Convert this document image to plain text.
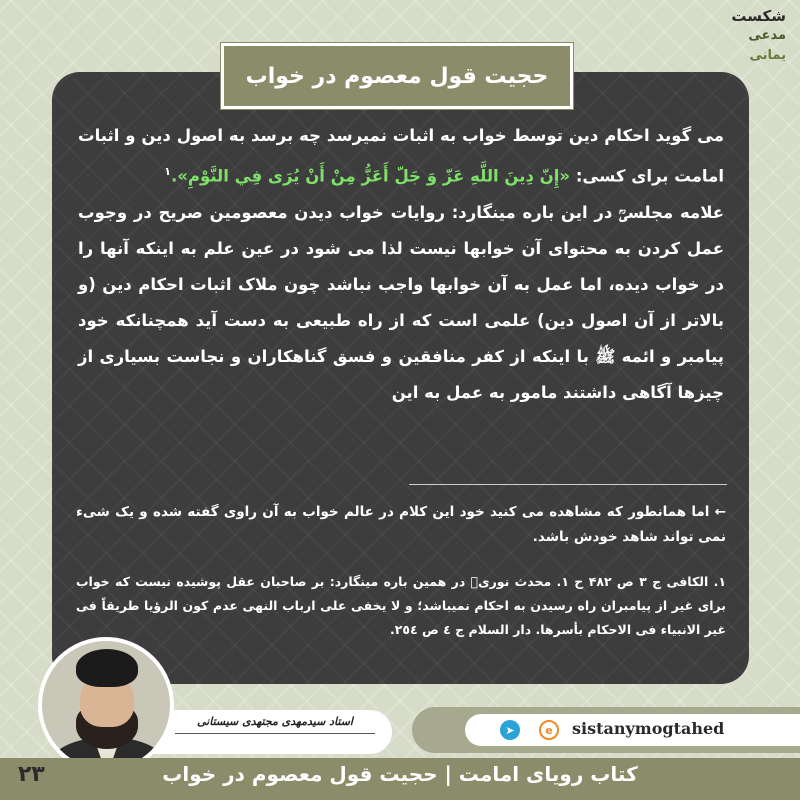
شکست
مدعی
یمانی
حجیت قول معصوم در خواب

می گوید احکام دین توسط خواب به اثبات نمیرسد چه برسد به اصول دین و اثبات امامت برای کسی: «إِنّ دِينَ اللَّهِ عَزّ وَ جَلّ أَعَزُّ مِنْ أَنْ يُرَى فِي النَّوْمِ».$^۱$

علامه مجلسیؒ در این باره مینگارد: روایات خواب دیدن معصومین صریح در وجوب عمل کردن به محتوای آن خوابها نیست لذا می شود در عین علم به اینکه آنها را در خواب دیده، اما عمل به آن خوابها واجب نباشد چون ملاک اثبات احکام دین (و بالاتر از آن اصول دین) علمی است که از راه طبیعی به دست آید همچنانکه خود پیامبر و ائمه ﷺ با اینکه از کفر منافقین و فسق گناهکاران و نجاست بسیاری از چیزها آگاهی داشتند مامور به عمل به این

← اما همانطور که مشاهده می کنید خود این کلام در عالم خواب به آن راوی گفته شده و یک شیء نمی تواند شاهد خودش باشد.
۱. الکافی ج ۳ ص ۴۸۲ ح ۱. محدث نوریؒ در همین باره مینگارد: بر صاحبان عقل پوشیده نیست که خواب برای غیر از پیامبران راه رسیدن به احکام نمیباشد؛ و لا يخفى على ارباب النهى عدم كون الرؤيا طريقاً فى غير الانبياء فى الاحكام بأسرها. دار السلام ج ٤ ص ٢٥٤.
استاد سیدمهدی مجتهدی سیستانی
➤	e	sistanymogtahed
کتاب رویای امامت | حجیت قول معصوم در خواب
۲۳
